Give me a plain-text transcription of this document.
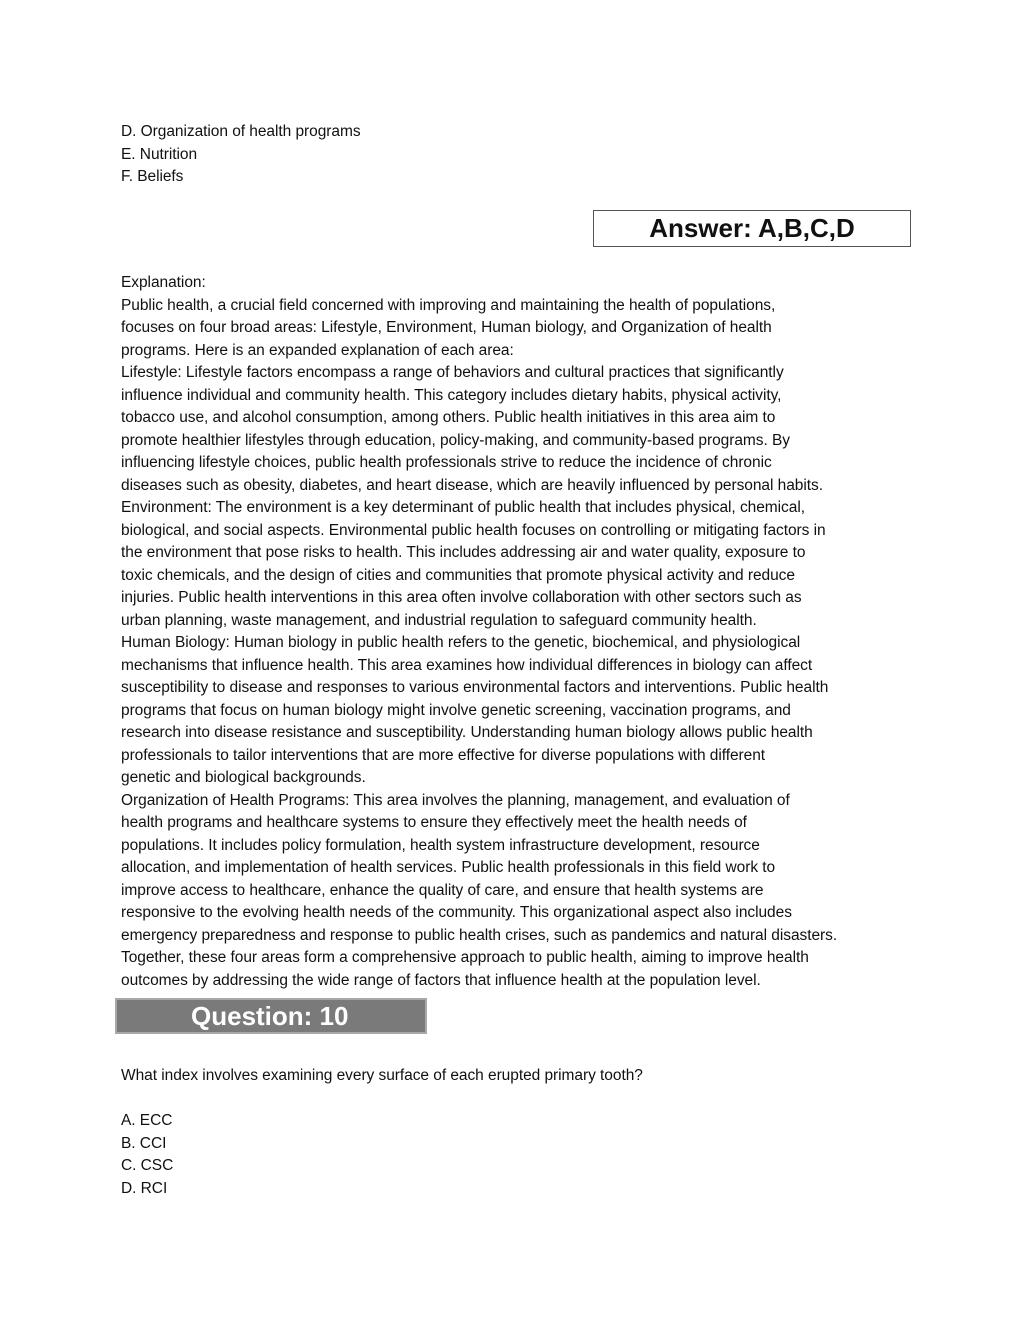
D. Organization of health programs
E. Nutrition
F. Beliefs
Answer: A,B,C,D
Explanation:
Public health, a crucial field concerned with improving and maintaining the health of populations,
focuses on four broad areas: Lifestyle, Environment, Human biology, and Organization of health
programs. Here is an expanded explanation of each area:
Lifestyle: Lifestyle factors encompass a range of behaviors and cultural practices that significantly
influence individual and community health. This category includes dietary habits, physical activity,
tobacco use, and alcohol consumption, among others. Public health initiatives in this area aim to
promote healthier lifestyles through education, policy-making, and community-based programs. By
influencing lifestyle choices, public health professionals strive to reduce the incidence of chronic
diseases such as obesity, diabetes, and heart disease, which are heavily influenced by personal habits.
Environment: The environment is a key determinant of public health that includes physical, chemical,
biological, and social aspects. Environmental public health focuses on controlling or mitigating factors in
the environment that pose risks to health. This includes addressing air and water quality, exposure to
toxic chemicals, and the design of cities and communities that promote physical activity and reduce
injuries. Public health interventions in this area often involve collaboration with other sectors such as
urban planning, waste management, and industrial regulation to safeguard community health.
Human Biology: Human biology in public health refers to the genetic, biochemical, and physiological
mechanisms that influence health. This area examines how individual differences in biology can affect
susceptibility to disease and responses to various environmental factors and interventions. Public health
programs that focus on human biology might involve genetic screening, vaccination programs, and
research into disease resistance and susceptibility. Understanding human biology allows public health
professionals to tailor interventions that are more effective for diverse populations with different
genetic and biological backgrounds.
Organization of Health Programs: This area involves the planning, management, and evaluation of
health programs and healthcare systems to ensure they effectively meet the health needs of
populations. It includes policy formulation, health system infrastructure development, resource
allocation, and implementation of health services. Public health professionals in this field work to
improve access to healthcare, enhance the quality of care, and ensure that health systems are
responsive to the evolving health needs of the community. This organizational aspect also includes
emergency preparedness and response to public health crises, such as pandemics and natural disasters.
Together, these four areas form a comprehensive approach to public health, aiming to improve health
outcomes by addressing the wide range of factors that influence health at the population level.
Question: 10
What index involves examining every surface of each erupted primary tooth?
A. ECC
B. CCI
C. CSC
D. RCI
